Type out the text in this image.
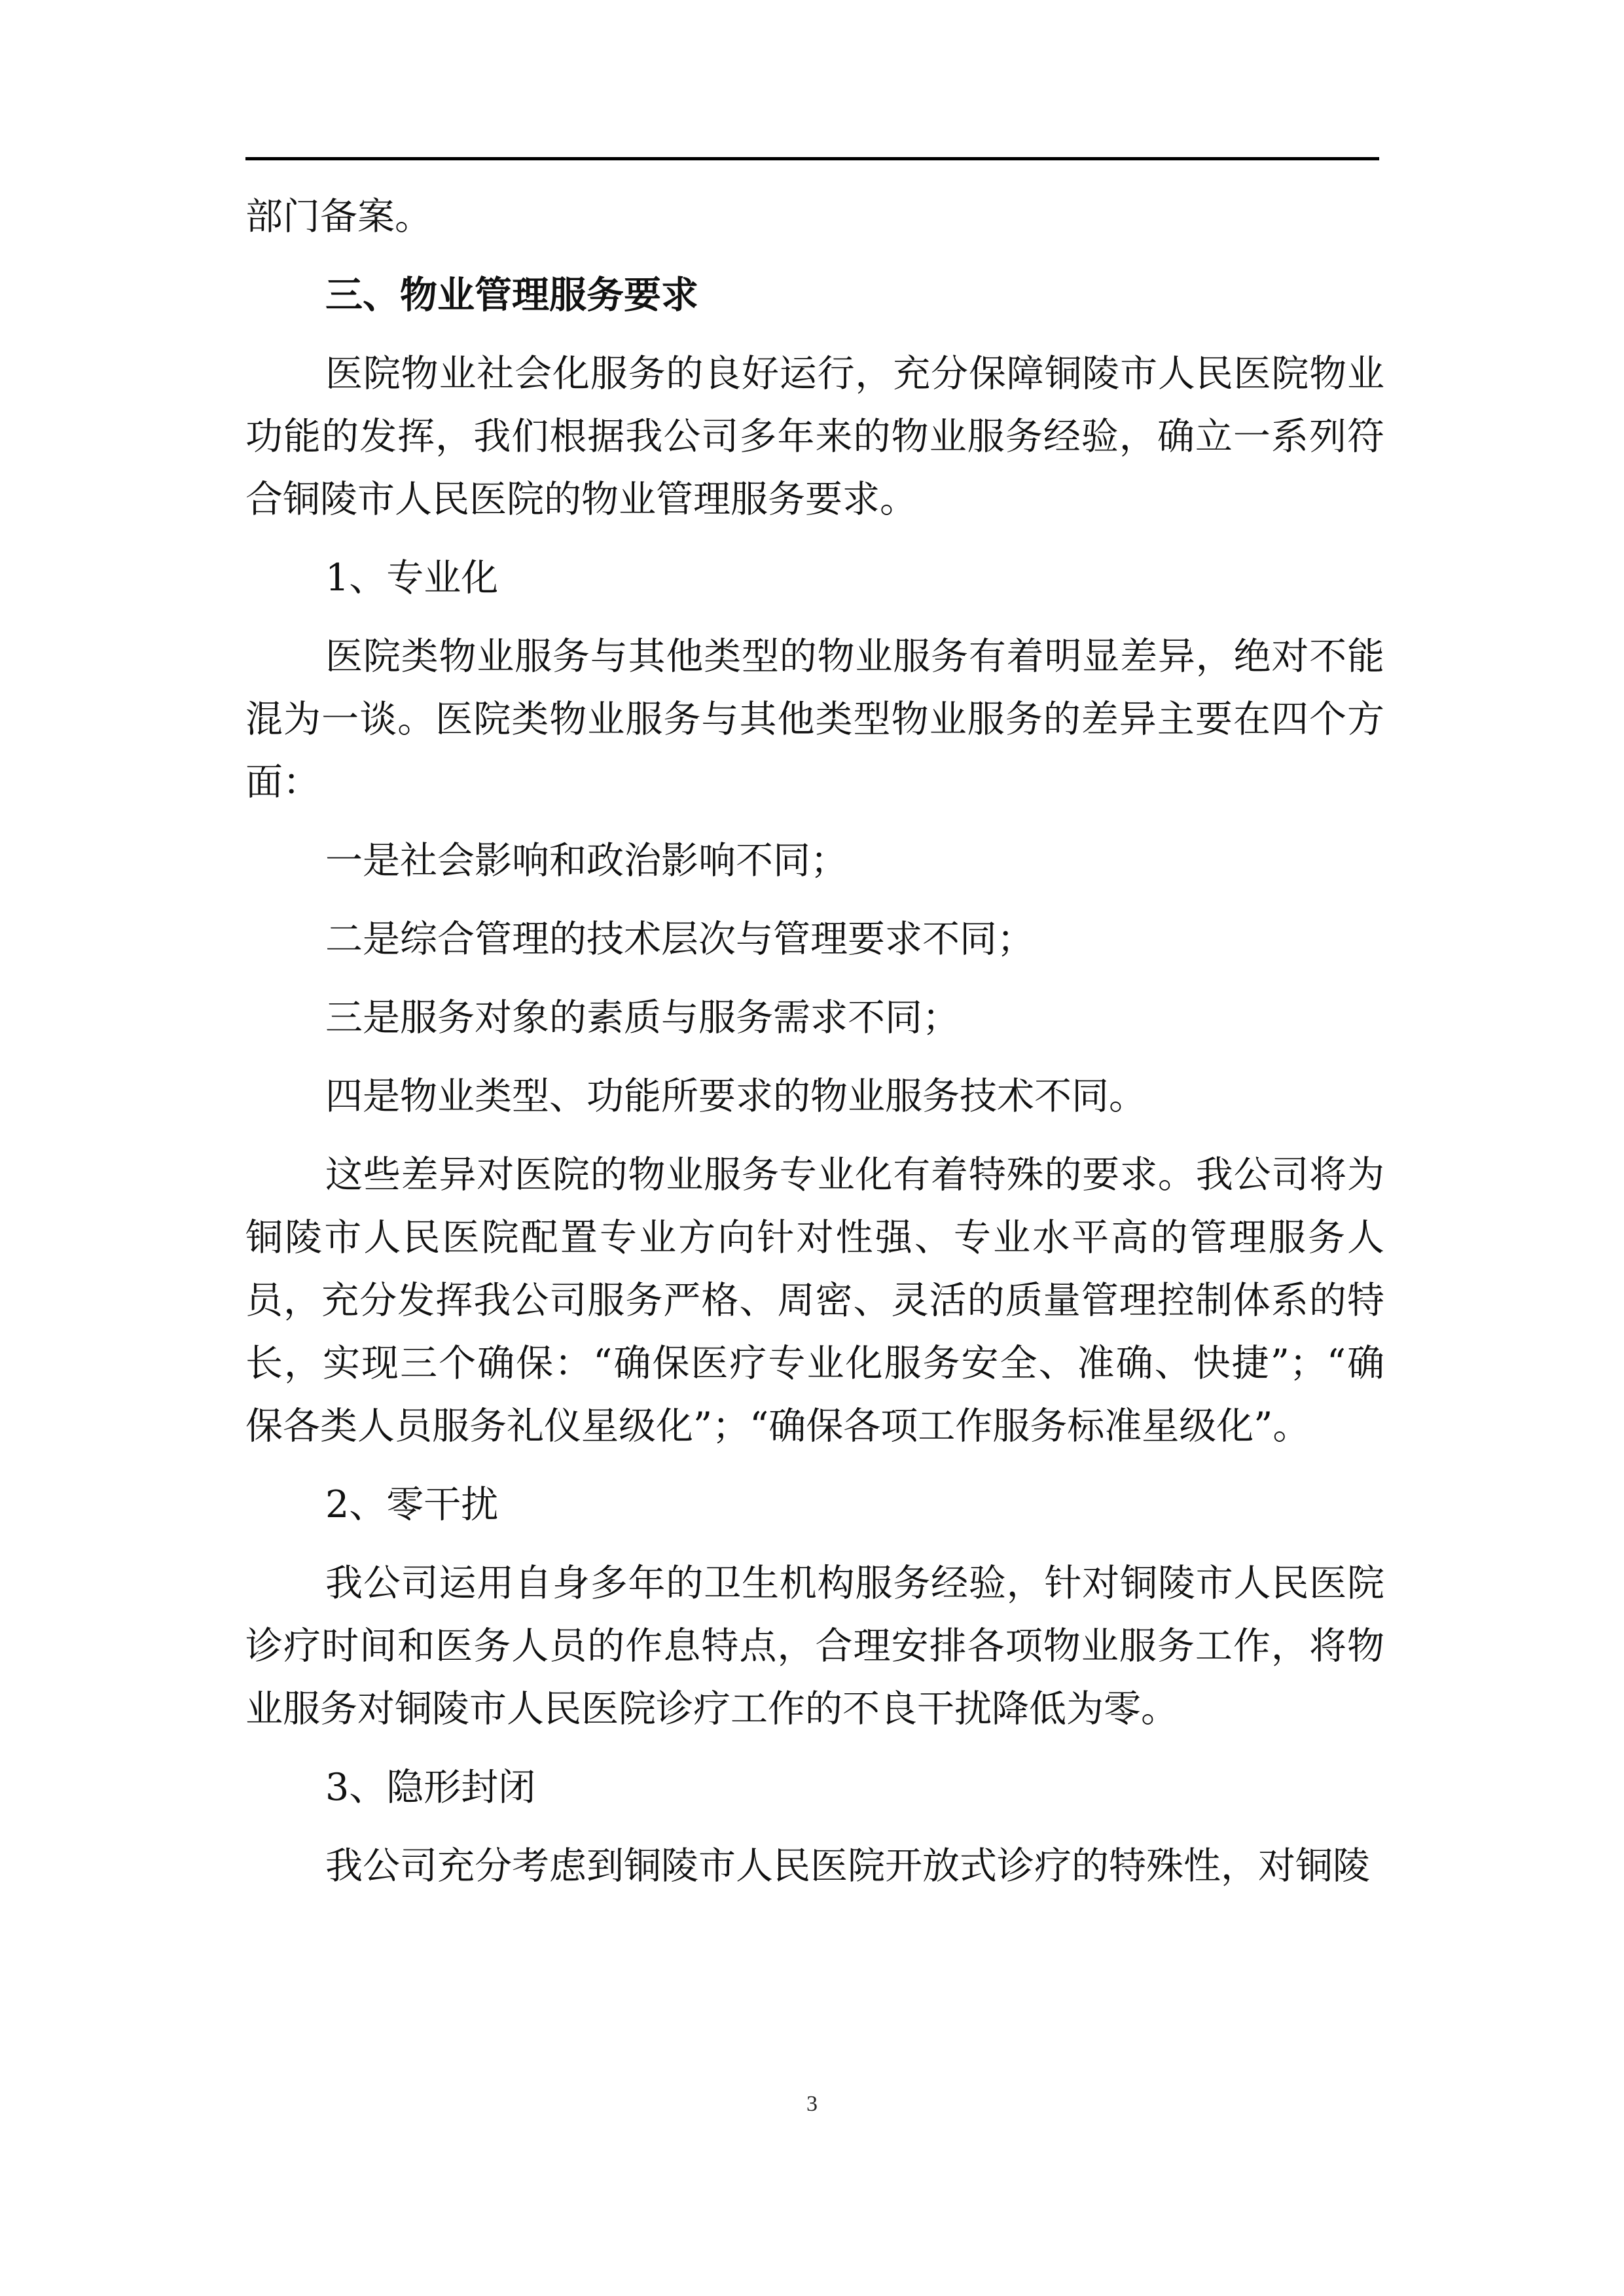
部门备案。

三、物业管理服务要求

医院物业社会化服务的良好运行，充分保障铜陵市人民医院物业功能的发挥，我们根据我公司多年来的物业服务经验，确立一系列符合铜陵市人民医院的物业管理服务要求。

1、专业化

医院类物业服务与其他类型的物业服务有着明显差异，绝对不能混为一谈。医院类物业服务与其他类型物业服务的差异主要在四个方面：

一是社会影响和政治影响不同；

二是综合管理的技术层次与管理要求不同；

三是服务对象的素质与服务需求不同；

四是物业类型、功能所要求的物业服务技术不同。

这些差异对医院的物业服务专业化有着特殊的要求。我公司将为铜陵市人民医院配置专业方向针对性强、专业水平高的管理服务人员，充分发挥我公司服务严格、周密、灵活的质量管理控制体系的特长，实现三个确保：“确保医疗专业化服务安全、准确、快捷”；“确保各类人员服务礼仪星级化”；“确保各项工作服务标准星级化”。

2、零干扰

我公司运用自身多年的卫生机构服务经验，针对铜陵市人民医院诊疗时间和医务人员的作息特点，合理安排各项物业服务工作，将物业服务对铜陵市人民医院诊疗工作的不良干扰降低为零。

3、隐形封闭

我公司充分考虑到铜陵市人民医院开放式诊疗的特殊性，对铜陵

3
